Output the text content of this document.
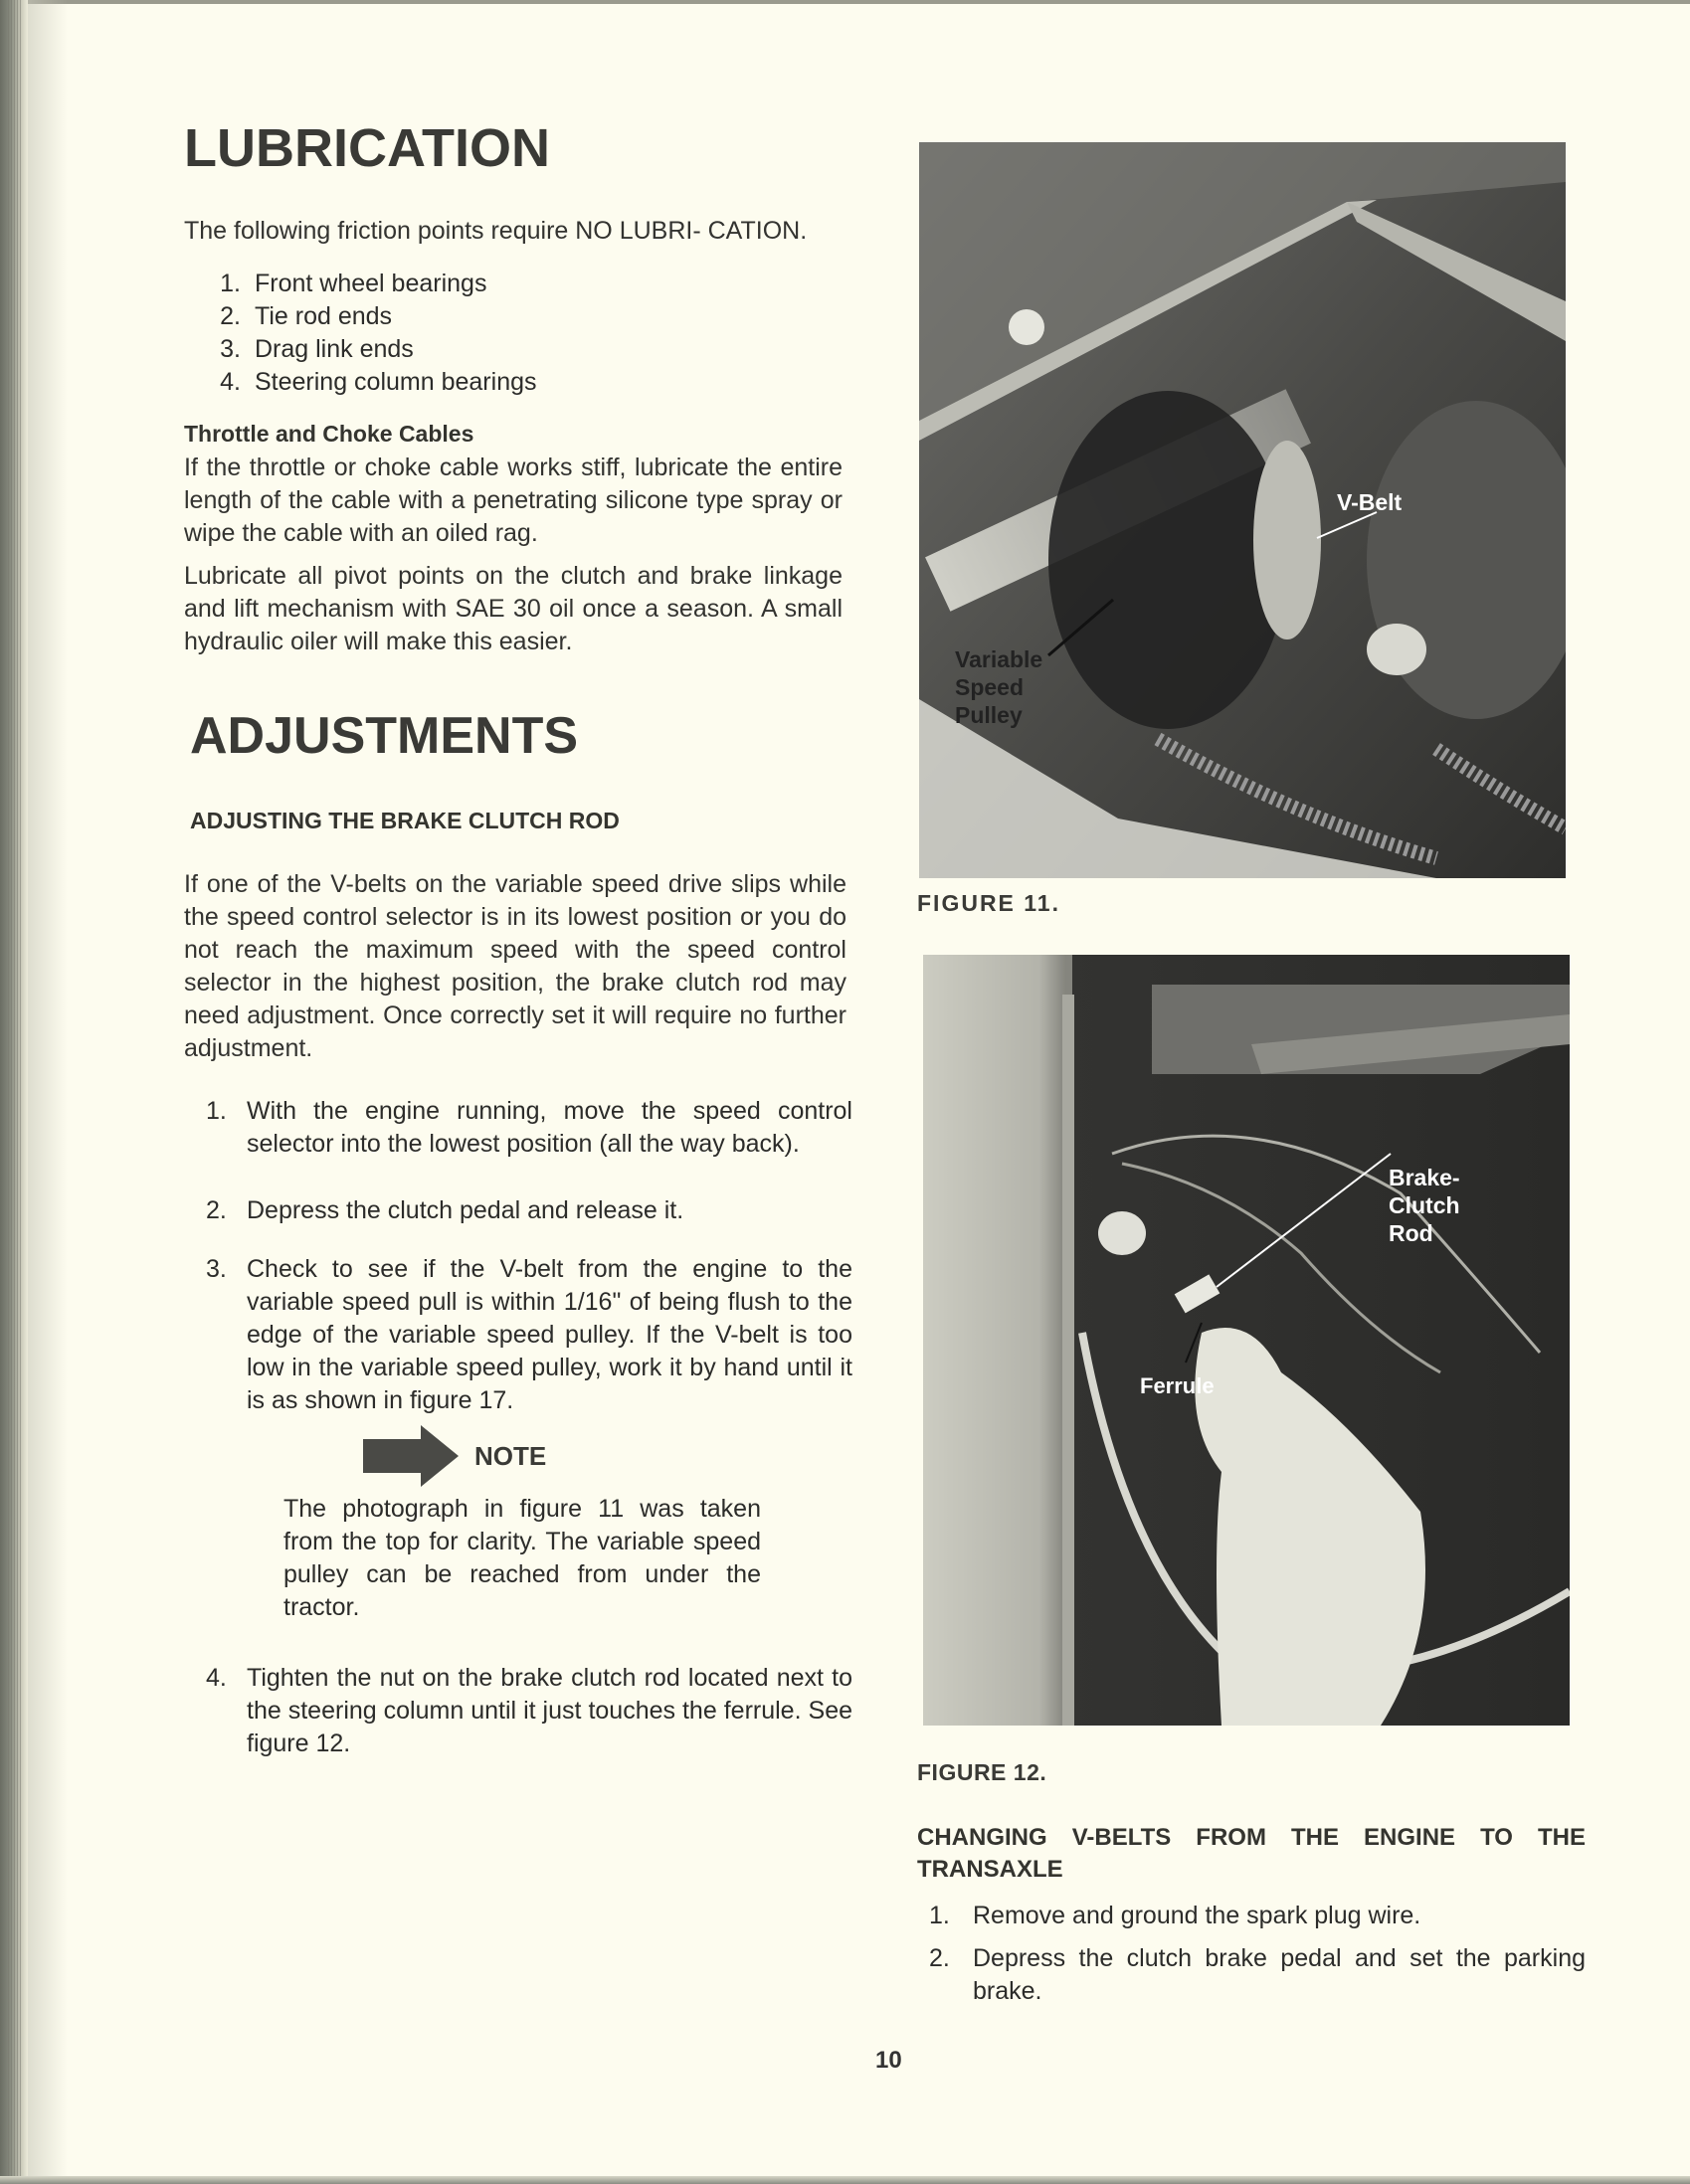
LUBRICATION

The following friction points require NO LUBRI- CATION.

1. Front wheel bearings
2. Tie rod ends
3. Drag link ends
4. Steering column bearings
Throttle and Choke Cables

If the throttle or choke cable works stiff, lubricate the entire length of the cable with a penetrating silicone type spray or wipe the cable with an oiled rag.

Lubricate all pivot points on the clutch and brake linkage and lift mechanism with SAE 30 oil once a season. A small hydraulic oiler will make this easier.

ADJUSTMENTS
ADJUSTING THE BRAKE CLUTCH ROD

If one of the V-belts on the variable speed drive slips while the speed control selector is in its lowest position or you do not reach the maximum speed with the speed control selector in the highest position, the brake clutch rod may need adjustment. Once correctly set it will require no further adjustment.

1. With the engine running, move the speed control selector into the lowest position (all the way back).
2. Depress the clutch pedal and release it.
3. Check to see if the V-belt from the engine to the variable speed pull is within 1/16" of being flush to the edge of the variable speed pulley. If the V-belt is too low in the variable speed pulley, work it by hand until it is as shown in figure 17.
NOTE

The photograph in figure 11 was taken from the top for clarity. The variable speed pulley can be reached from under the tractor.

4. Tighten the nut on the brake clutch rod located next to the steering column until it just touches the ferrule. See figure 12.
V-Belt
Variable Speed Pulley
FIGURE 11.
Brake- Clutch Rod
Ferrule
FIGURE 12.
CHANGING V-BELTS FROM THE ENGINE TO THE TRANSAXLE
1. Remove and ground the spark plug wire.
2. Depress the clutch brake pedal and set the parking brake.
10
